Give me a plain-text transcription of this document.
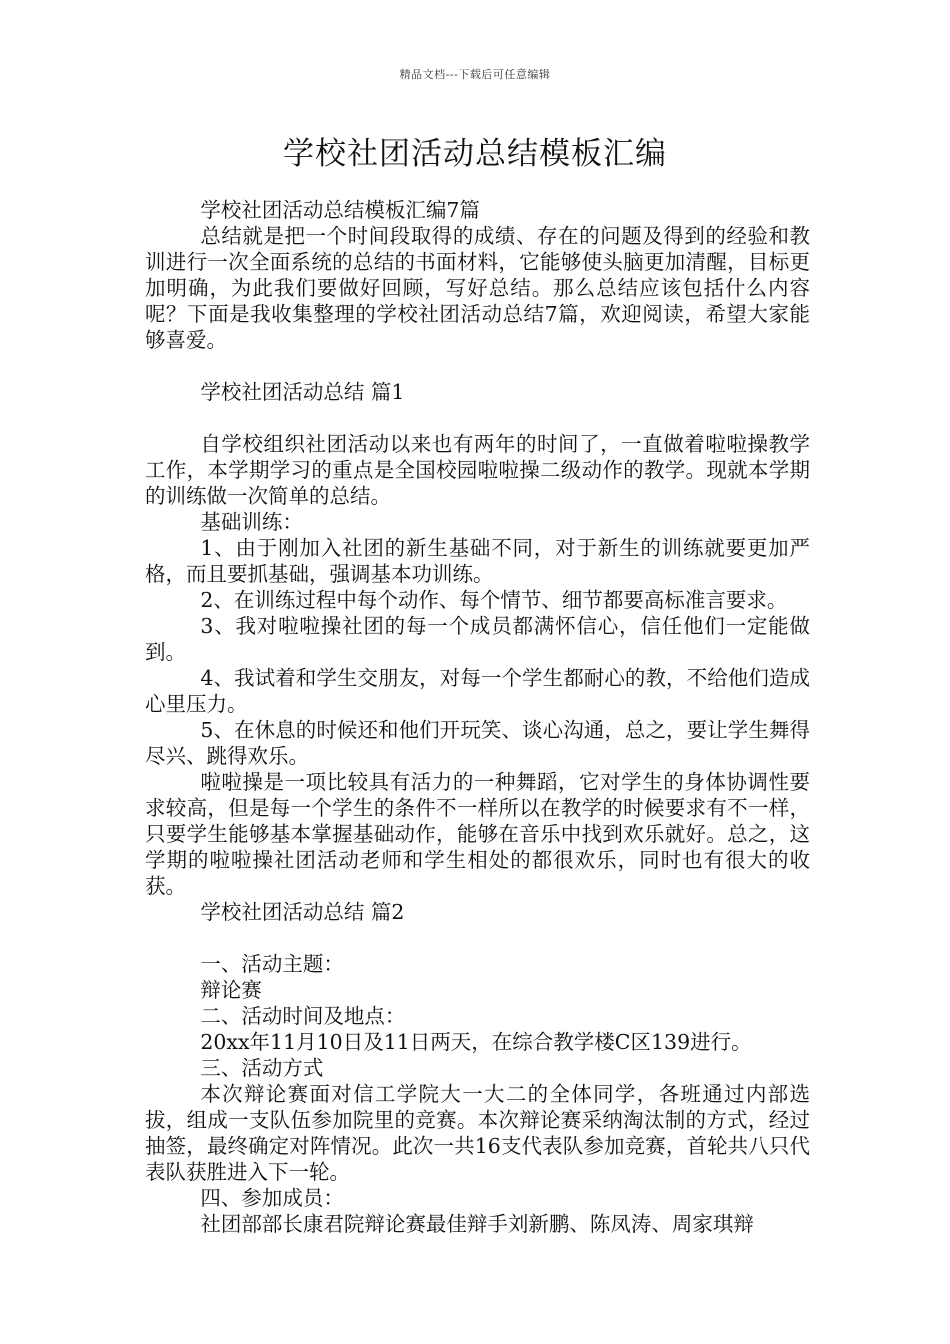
精品文档---下载后可任意编辑
学校社团活动总结模板汇编

学校社团活动总结模板汇编7篇

总结就是把一个时间段取得的成绩、存在的问题及得到的经验和教训进行一次全面系统的总结的书面材料，它能够使头脑更加清醒，目标更加明确，为此我们要做好回顾，写好总结。那么总结应该包括什么内容呢？下面是我收集整理的学校社团活动总结7篇，欢迎阅读，希望大家能够喜爱。

学校社团活动总结 篇1

自学校组织社团活动以来也有两年的时间了，一直做着啦啦操教学工作，本学期学习的重点是全国校园啦啦操二级动作的教学。现就本学期的训练做一次简单的总结。

基础训练：

1、由于刚加入社团的新生基础不同，对于新生的训练就要更加严格，而且要抓基础，强调基本功训练。

2、在训练过程中每个动作、每个情节、细节都要高标准言要求。

3、我对啦啦操社团的每一个成员都满怀信心，信任他们一定能做到。

4、我试着和学生交朋友，对每一个学生都耐心的教，不给他们造成心里压力。

5、在休息的时候还和他们开玩笑、谈心沟通，总之，要让学生舞得尽兴、跳得欢乐。

啦啦操是一项比较具有活力的一种舞蹈，它对学生的身体协调性要求较高，但是每一个学生的条件不一样所以在教学的时候要求有不一样，只要学生能够基本掌握基础动作，能够在音乐中找到欢乐就好。总之，这学期的啦啦操社团活动老师和学生相处的都很欢乐，同时也有很大的收获。

学校社团活动总结 篇2

一、活动主题：

辩论赛

二、活动时间及地点：

20xx年11月10日及11日两天，在综合教学楼C区139进行。

三、活动方式

本次辩论赛面对信工学院大一大二的全体同学，各班通过内部选拔，组成一支队伍参加院里的竞赛。本次辩论赛采纳淘汰制的方式，经过抽签，最终确定对阵情况。此次一共16支代表队参加竞赛，首轮共八只代表队获胜进入下一轮。

四、参加成员：

社团部部长康君院辩论赛最佳辩手刘新鹏、陈凤涛、周家琪辩
